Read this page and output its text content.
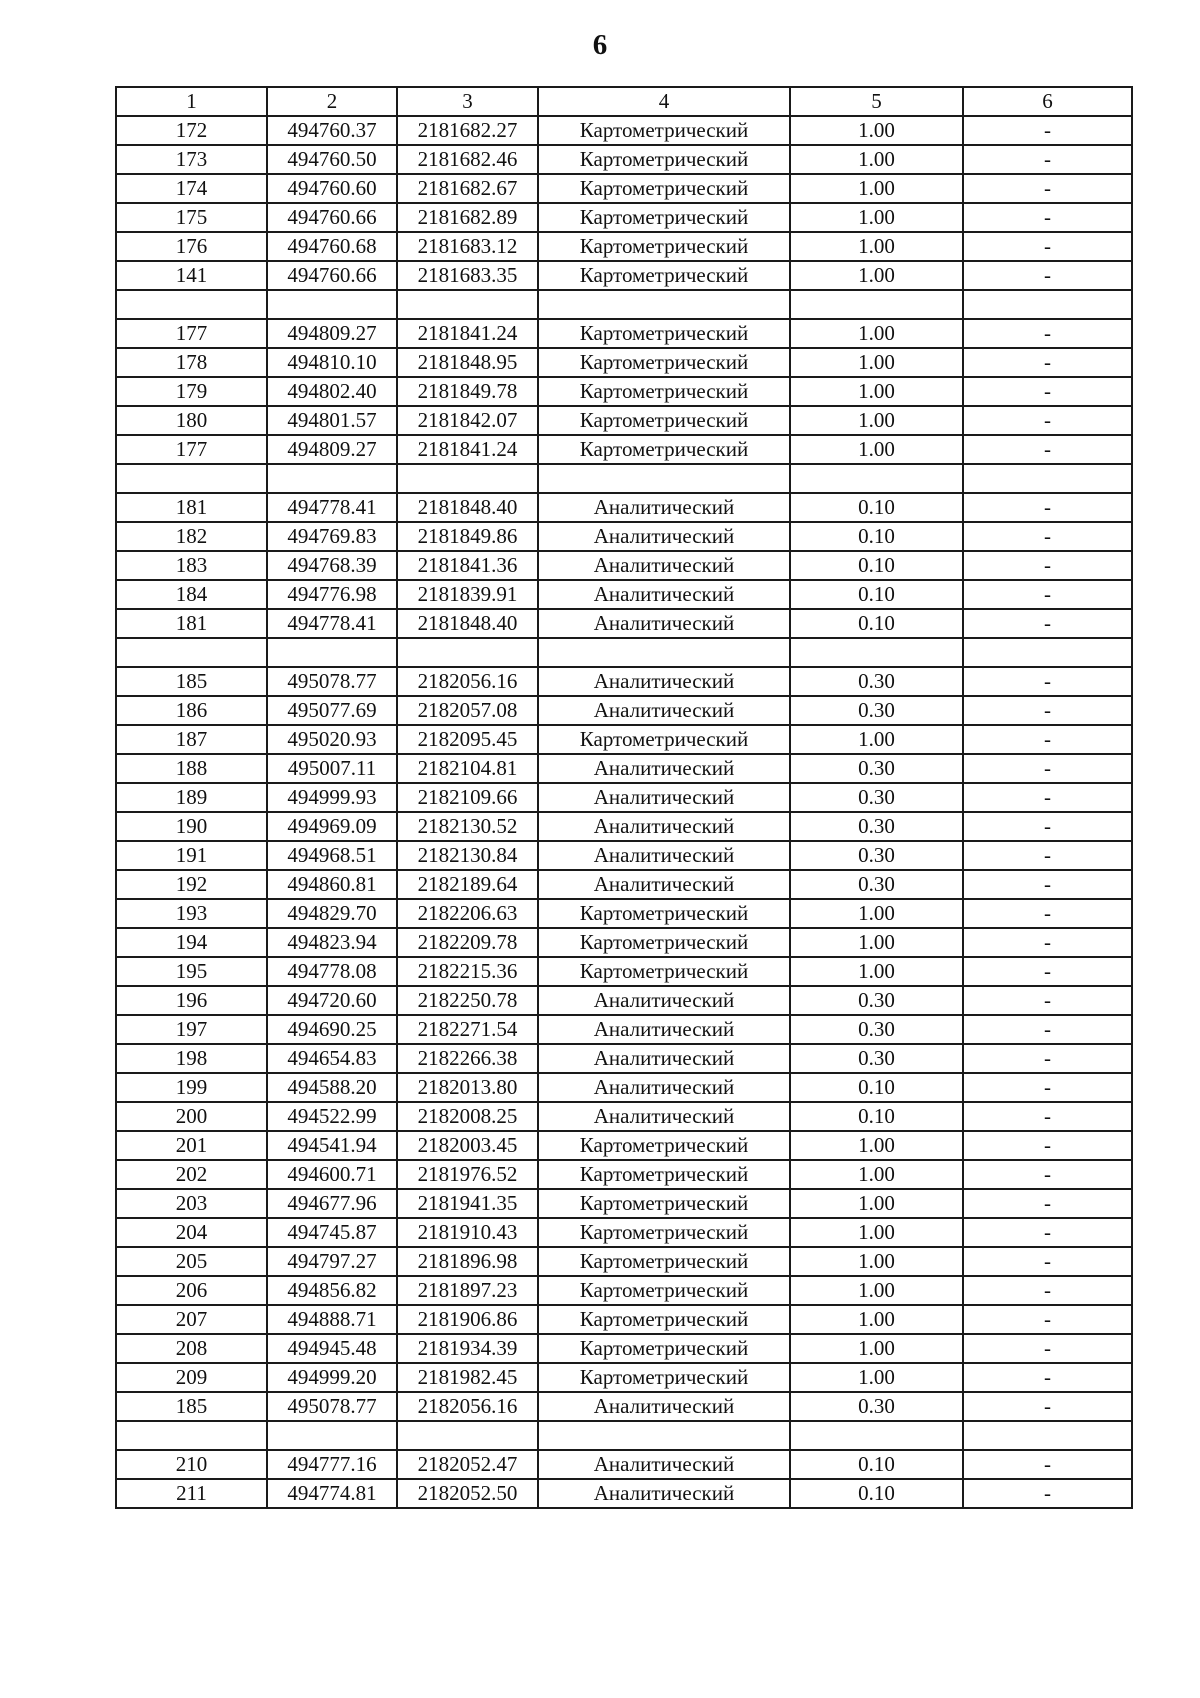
6
1	2	3	4	5	6
172	494760.37	2181682.27	Картометрический	1.00	-
173	494760.50	2181682.46	Картометрический	1.00	-
174	494760.60	2181682.67	Картометрический	1.00	-
175	494760.66	2181682.89	Картометрический	1.00	-
176	494760.68	2181683.12	Картометрический	1.00	-
141	494760.66	2181683.35	Картометрический	1.00	-

177	494809.27	2181841.24	Картометрический	1.00	-
178	494810.10	2181848.95	Картометрический	1.00	-
179	494802.40	2181849.78	Картометрический	1.00	-
180	494801.57	2181842.07	Картометрический	1.00	-
177	494809.27	2181841.24	Картометрический	1.00	-

181	494778.41	2181848.40	Аналитический	0.10	-
182	494769.83	2181849.86	Аналитический	0.10	-
183	494768.39	2181841.36	Аналитический	0.10	-
184	494776.98	2181839.91	Аналитический	0.10	-
181	494778.41	2181848.40	Аналитический	0.10	-

185	495078.77	2182056.16	Аналитический	0.30	-
186	495077.69	2182057.08	Аналитический	0.30	-
187	495020.93	2182095.45	Картометрический	1.00	-
188	495007.11	2182104.81	Аналитический	0.30	-
189	494999.93	2182109.66	Аналитический	0.30	-
190	494969.09	2182130.52	Аналитический	0.30	-
191	494968.51	2182130.84	Аналитический	0.30	-
192	494860.81	2182189.64	Аналитический	0.30	-
193	494829.70	2182206.63	Картометрический	1.00	-
194	494823.94	2182209.78	Картометрический	1.00	-
195	494778.08	2182215.36	Картометрический	1.00	-
196	494720.60	2182250.78	Аналитический	0.30	-
197	494690.25	2182271.54	Аналитический	0.30	-
198	494654.83	2182266.38	Аналитический	0.30	-
199	494588.20	2182013.80	Аналитический	0.10	-
200	494522.99	2182008.25	Аналитический	0.10	-
201	494541.94	2182003.45	Картометрический	1.00	-
202	494600.71	2181976.52	Картометрический	1.00	-
203	494677.96	2181941.35	Картометрический	1.00	-
204	494745.87	2181910.43	Картометрический	1.00	-
205	494797.27	2181896.98	Картометрический	1.00	-
206	494856.82	2181897.23	Картометрический	1.00	-
207	494888.71	2181906.86	Картометрический	1.00	-
208	494945.48	2181934.39	Картометрический	1.00	-
209	494999.20	2181982.45	Картометрический	1.00	-
185	495078.77	2182056.16	Аналитический	0.30	-

210	494777.16	2182052.47	Аналитический	0.10	-
211	494774.81	2182052.50	Аналитический	0.10	-
